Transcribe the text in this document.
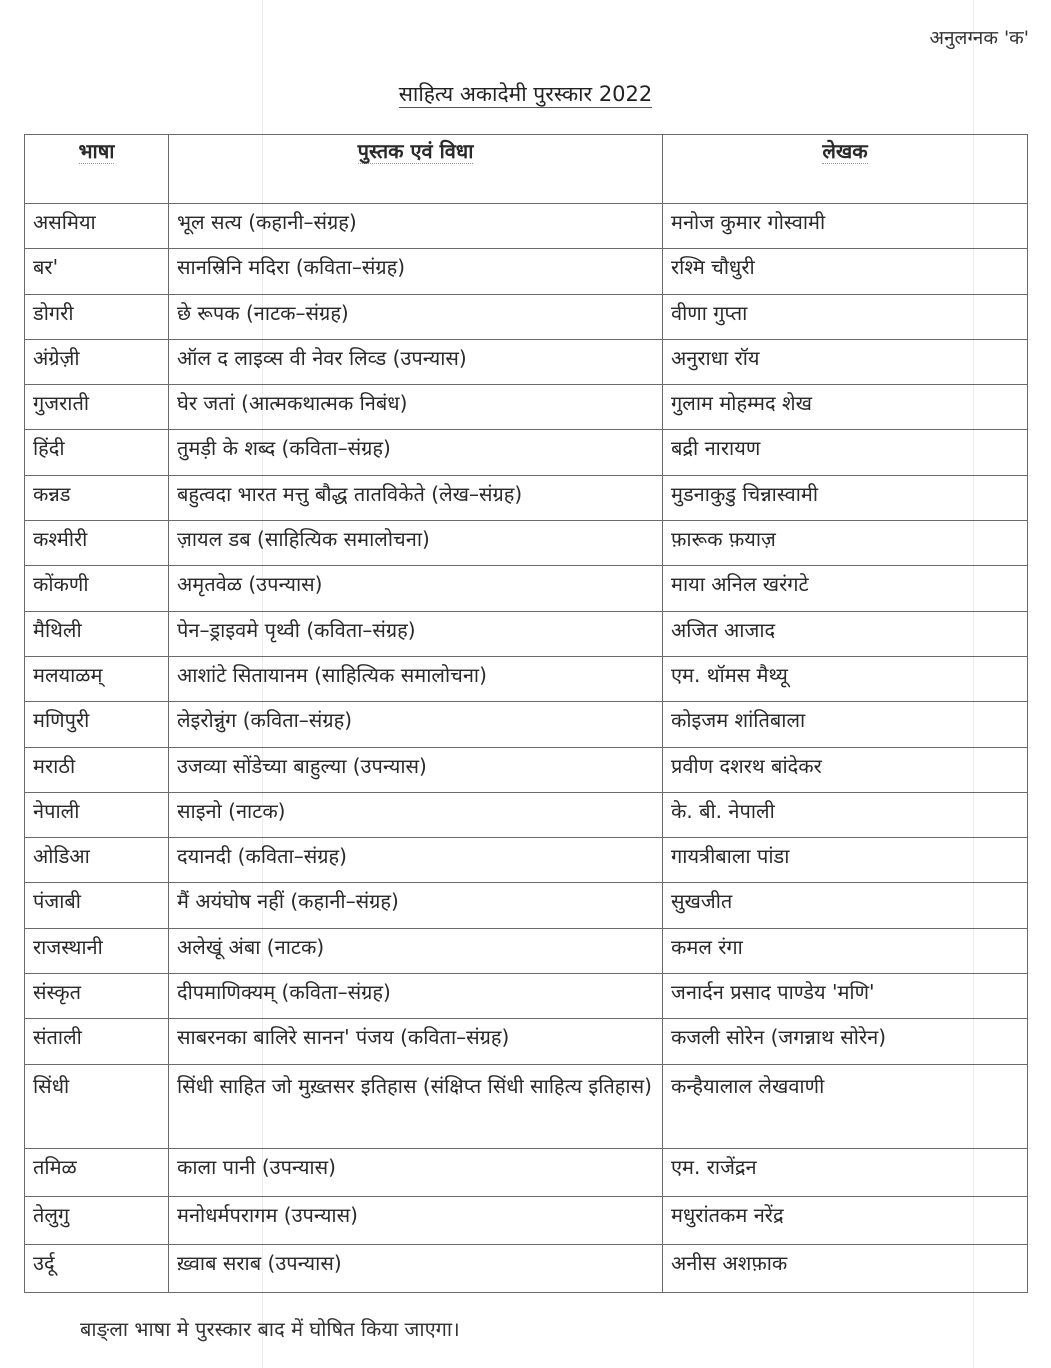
अनुलग्नक 'क'
साहित्य अकादेमी पुरस्कार 2022
भाषा	पुस्तक एवं विधा	लेखक
असमिया	भूल सत्य (कहानी–संग्रह)	मनोज कुमार गोस्वामी
बर'	सानस्रिनि मदिरा (कविता–संग्रह)	रश्मि चौधुरी
डोगरी	छे रूपक (नाटक–संग्रह)	वीणा गुप्ता
अंग्रेज़ी	ऑल द लाइव्स वी नेवर लिव्ड (उपन्यास)	अनुराधा रॉय
गुजराती	घेर जतां (आत्मकथात्मक निबंध)	गुलाम मोहम्मद शेख
हिंदी	तुमड़ी के शब्द (कविता–संग्रह)	बद्री नारायण
कन्नड	बहुत्वदा भारत मत्तु बौद्ध तातविकेते (लेख–संग्रह)	मुडनाकुडु चिन्नास्वामी
कश्मीरी	ज़ायल डब (साहित्यिक समालोचना)	फ़ारूक फ़याज़
कोंकणी	अमृतवेळ (उपन्यास)	माया अनिल खरंगटे
मैथिली	पेन–ड्राइवमे पृथ्वी (कविता–संग्रह)	अजित आजाद
मलयाळम्	आशांटे सितायानम (साहित्यिक समालोचना)	एम. थॉमस मैथ्यू
मणिपुरी	लेइरोन्नुंग (कविता–संग्रह)	कोइजम शांतिबाला
मराठी	उजव्या सोंडेच्या बाहुल्या (उपन्यास)	प्रवीण दशरथ बांदेकर
नेपाली	साइनो (नाटक)	के. बी. नेपाली
ओडिआ	दयानदी (कविता–संग्रह)	गायत्रीबाला पांडा
पंजाबी	मैं अयंघोष नहीं (कहानी–संग्रह)	सुखजीत
राजस्थानी	अलेखूं अंबा (नाटक)	कमल रंगा
संस्कृत	दीपमाणिक्यम् (कविता–संग्रह)	जनार्दन प्रसाद पाण्डेय 'मणि'
संताली	साबरनका बालिरे सानन' पंजय (कविता–संग्रह)	कजली सोरेन (जगन्नाथ सोरेन)
सिंधी	सिंधी साहित जो मुख़्तसर इतिहास (संक्षिप्त सिंधी साहित्य इतिहास)	कन्हैयालाल लेखवाणी
तमिळ	काला पानी (उपन्यास)	एम. राजेंद्रन
तेलुगु	मनोधर्मपरागम (उपन्यास)	मधुरांतकम नरेंद्र
उर्दू	ख़्वाब सराब (उपन्यास)	अनीस अशफ़ाक
बाङ्ला भाषा मे पुरस्कार बाद में घोषित किया जाएगा।
